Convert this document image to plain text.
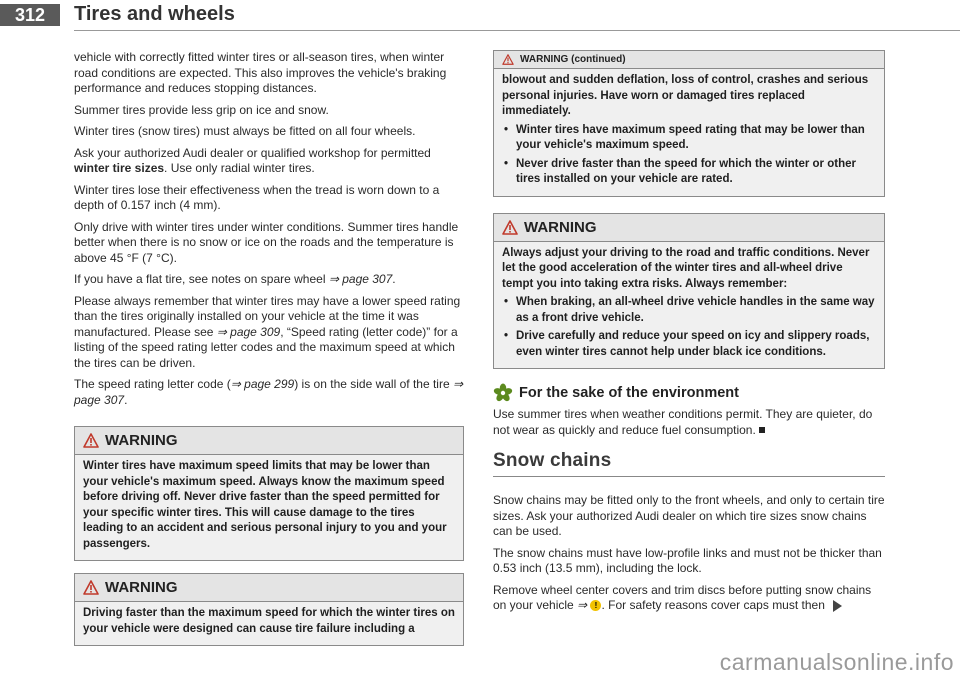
312	Tires and wheels

vehicle with correctly fitted winter tires or all-season tires, when winter road conditions are expected. This also improves the vehicle's braking performance and reduces stopping distances.

Summer tires provide less grip on ice and snow.

Winter tires (snow tires) must always be fitted on all four wheels.

Ask your authorized Audi dealer or qualified workshop for permitted winter tire sizes. Use only radial winter tires.

Winter tires lose their effectiveness when the tread is worn down to a depth of 0.157 inch (4 mm).

Only drive with winter tires under winter conditions. Summer tires handle better when there is no snow or ice on the roads and the temperature is above 45 °F (7 °C).

If you have a flat tire, see notes on spare wheel ⇒ page 307.

Please always remember that winter tires may have a lower speed rating than the tires originally installed on your vehicle at the time it was manufactured. Please see ⇒ page 309, “Speed rating (letter code)” for a listing of the speed rating letter codes and the maximum speed at which the tires can be driven.

The speed rating letter code (⇒ page 299) is on the side wall of the tire ⇒ page 307.

WARNING

Winter tires have maximum speed limits that may be lower than your vehicle's maximum speed. Always know the maximum speed before driving off. Never drive faster than the speed permitted for your specific winter tires. This will cause damage to the tires leading to an accident and serious personal injury to you and your passengers.

WARNING

Driving faster than the maximum speed for which the winter tires on your vehicle were designed can cause tire failure including a

WARNING (continued)

blowout and sudden deflation, loss of control, crashes and serious personal injuries. Have worn or damaged tires replaced immediately.

• Winter tires have maximum speed rating that may be lower than your vehicle's maximum speed.
• Never drive faster than the speed for which the winter or other tires installed on your vehicle are rated.
WARNING

Always adjust your driving to the road and traffic conditions. Never let the good acceleration of the winter tires and all-wheel drive tempt you into taking extra risks. Always remember:

• When braking, an all-wheel drive vehicle handles in the same way as a front drive vehicle.
• Drive carefully and reduce your speed on icy and slippery roads, even winter tires cannot help under black ice conditions.
For the sake of the environment

Use summer tires when weather conditions permit. They are quieter, do not wear as quickly and reduce fuel consumption.

Snow chains

Snow chains may be fitted only to the front wheels, and only to certain tire sizes. Ask your authorized Audi dealer on which tire sizes snow chains can be used.

The snow chains must have low-profile links and must not be thicker than 0.53 inch (13.5 mm), including the lock.

Remove wheel center covers and trim discs before putting snow chains on your vehicle ⇒ ! . For safety reasons cover caps must then

carmanualsonline.info
